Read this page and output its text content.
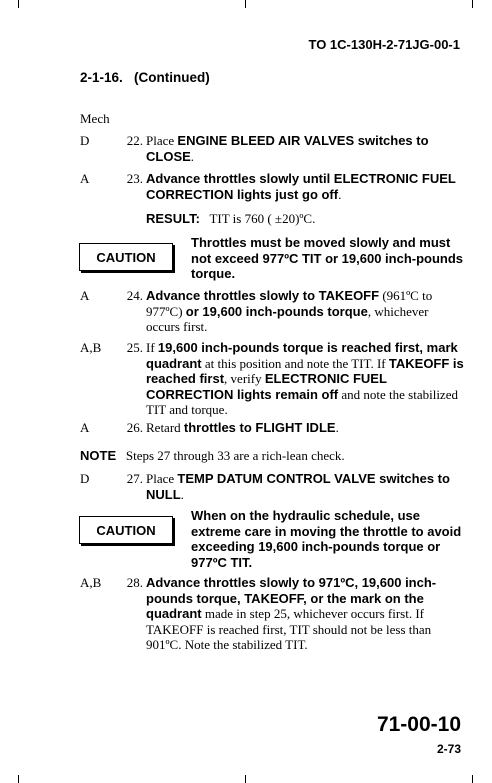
TO 1C-130H-2-71JG-00-1
2-1-16.   (Continued)
Mech
D	22. Place ENGINE BLEED AIR VALVES switches to CLOSE.
A	23. Advance throttles slowly until ELECTRONIC FUEL CORRECTION lights just go off.
RESULT: TIT is 760 ( ±20)ºC.
CAUTION
Throttles must be moved slowly and must not exceed 977ºC TIT or 19,600 inch-pounds torque.
A	24. Advance throttles slowly to TAKEOFF (961ºC to 977ºC) or 19,600 inch-pounds torque, whichever occurs first.
A,B	25. If 19,600 inch-pounds torque is reached first, mark quadrant at this position and note the TIT. If TAKEOFF is reached first, verify ELECTRONIC FUEL CORRECTION lights remain off and note the stabilized TIT and torque.
A	26. Retard throttles to FLIGHT IDLE.
NOTE Steps 27 through 33 are a rich-lean check.
D	27. Place TEMP DATUM CONTROL VALVE switches to NULL.
CAUTION
When on the hydraulic schedule, use extreme care in moving the throttle to avoid exceeding 19,600 inch-pounds torque or 977ºC TIT.
A,B	28. Advance throttles slowly to 971ºC, 19,600 inch-pounds torque, TAKEOFF, or the mark on the quadrant made in step 25, whichever occurs first. If TAKEOFF is reached first, TIT should not be less than 901ºC. Note the stabilized TIT.
71-00-10
2-73
